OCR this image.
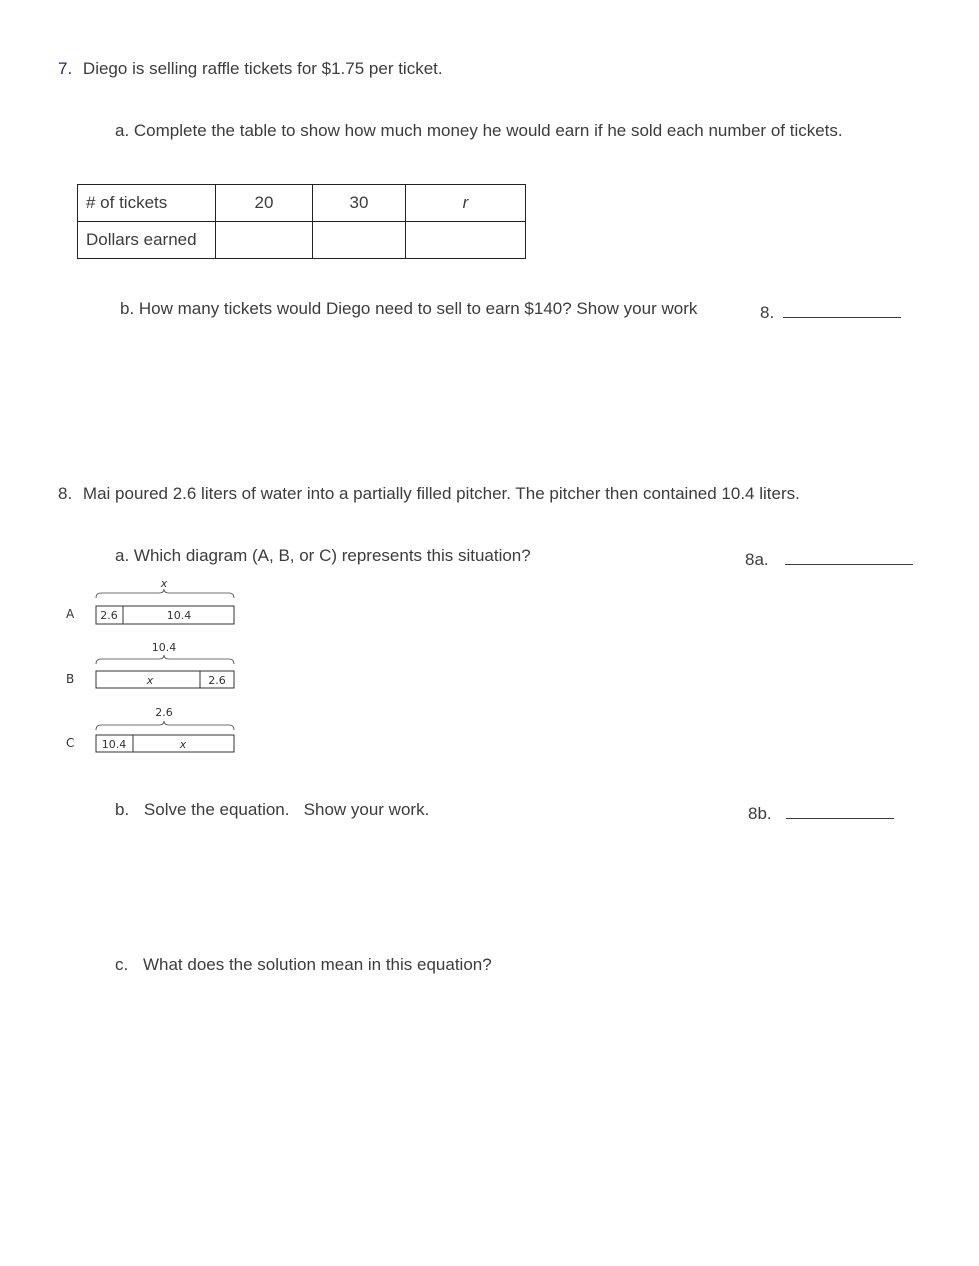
7. Diego is selling raffle tickets for $1.75 per ticket.
a. Complete the table to show how much money he would earn if he sold each number of tickets.
# of tickets	20	30	r
Dollars earned			
b. How many tickets would Diego need to sell to earn $140? Show your work	8.
8. Mai poured 2.6 liters of water into a partially filled pitcher. The pitcher then contained 10.4 liters.
a. Which diagram (A, B, or C) represents this situation?	8a.
A
x
2.6	10.4
B
10.4
x	2.6
C
2.6
10.4	x
b. Solve the equation.   Show your work.	8b.
c. What does the solution mean in this equation?
